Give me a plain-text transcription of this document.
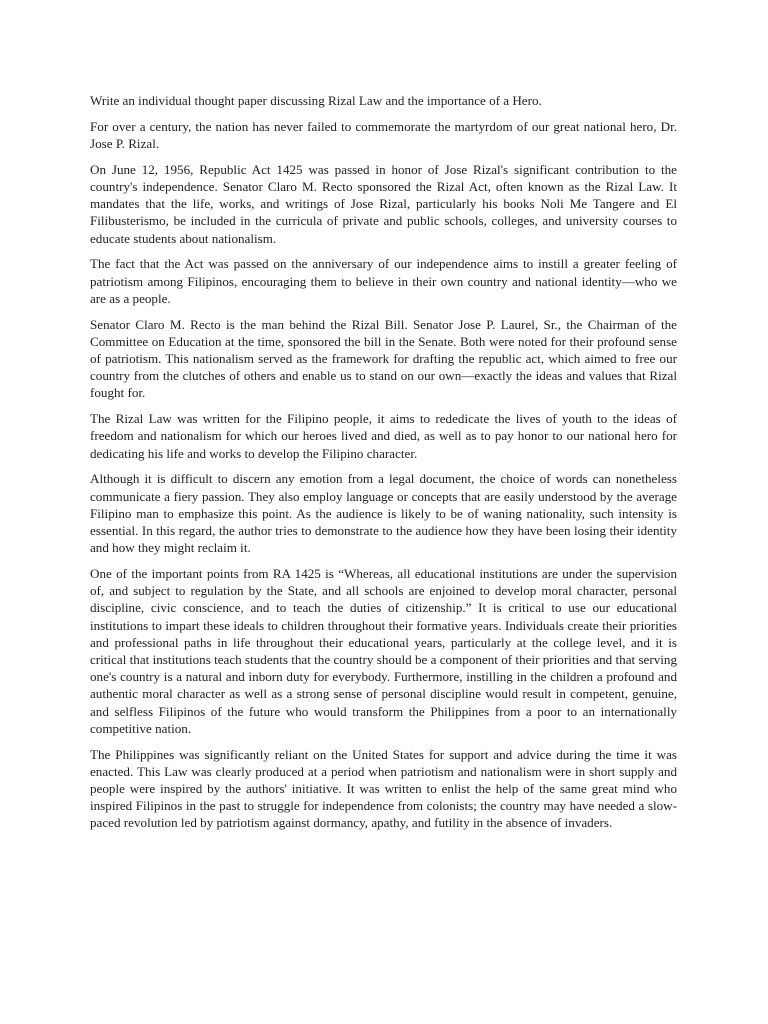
Write an individual thought paper discussing Rizal Law and the importance of a Hero.

For over a century, the nation has never failed to commemorate the martyrdom of our great national hero, Dr. Jose P. Rizal.

On June 12, 1956, Republic Act 1425 was passed in honor of Jose Rizal's significant contribution to the country's independence. Senator Claro M. Recto sponsored the Rizal Act, often known as the Rizal Law. It mandates that the life, works, and writings of Jose Rizal, particularly his books Noli Me Tangere and El Filibusterismo, be included in the curricula of private and public schools, colleges, and university courses to educate students about nationalism.

The fact that the Act was passed on the anniversary of our independence aims to instill a greater feeling of patriotism among Filipinos, encouraging them to believe in their own country and national identity—who we are as a people.

Senator Claro M. Recto is the man behind the Rizal Bill. Senator Jose P. Laurel, Sr., the Chairman of the Committee on Education at the time, sponsored the bill in the Senate. Both were noted for their profound sense of patriotism. This nationalism served as the framework for drafting the republic act, which aimed to free our country from the clutches of others and enable us to stand on our own—exactly the ideas and values that Rizal fought for.

The Rizal Law was written for the Filipino people, it aims to rededicate the lives of youth to the ideas of freedom and nationalism for which our heroes lived and died, as well as to pay honor to our national hero for dedicating his life and works to develop the Filipino character.

Although it is difficult to discern any emotion from a legal document, the choice of words can nonetheless communicate a fiery passion. They also employ language or concepts that are easily understood by the average Filipino man to emphasize this point. As the audience is likely to be of waning nationality, such intensity is essential. In this regard, the author tries to demonstrate to the audience how they have been losing their identity and how they might reclaim it.

One of the important points from RA 1425 is “Whereas, all educational institutions are under the supervision of, and subject to regulation by the State, and all schools are enjoined to develop moral character, personal discipline, civic conscience, and to teach the duties of citizenship.” It is critical to use our educational institutions to impart these ideals to children throughout their formative years. Individuals create their priorities and professional paths in life throughout their educational years, particularly at the college level, and it is critical that institutions teach students that the country should be a component of their priorities and that serving one's country is a natural and inborn duty for everybody. Furthermore, instilling in the children a profound and authentic moral character as well as a strong sense of personal discipline would result in competent, genuine, and selfless Filipinos of the future who would transform the Philippines from a poor to an internationally competitive nation.

The Philippines was significantly reliant on the United States for support and advice during the time it was enacted. This Law was clearly produced at a period when patriotism and nationalism were in short supply and people were inspired by the authors' initiative. It was written to enlist the help of the same great mind who inspired Filipinos in the past to struggle for independence from colonists; the country may have needed a slow-paced revolution led by patriotism against dormancy, apathy, and futility in the absence of invaders.
